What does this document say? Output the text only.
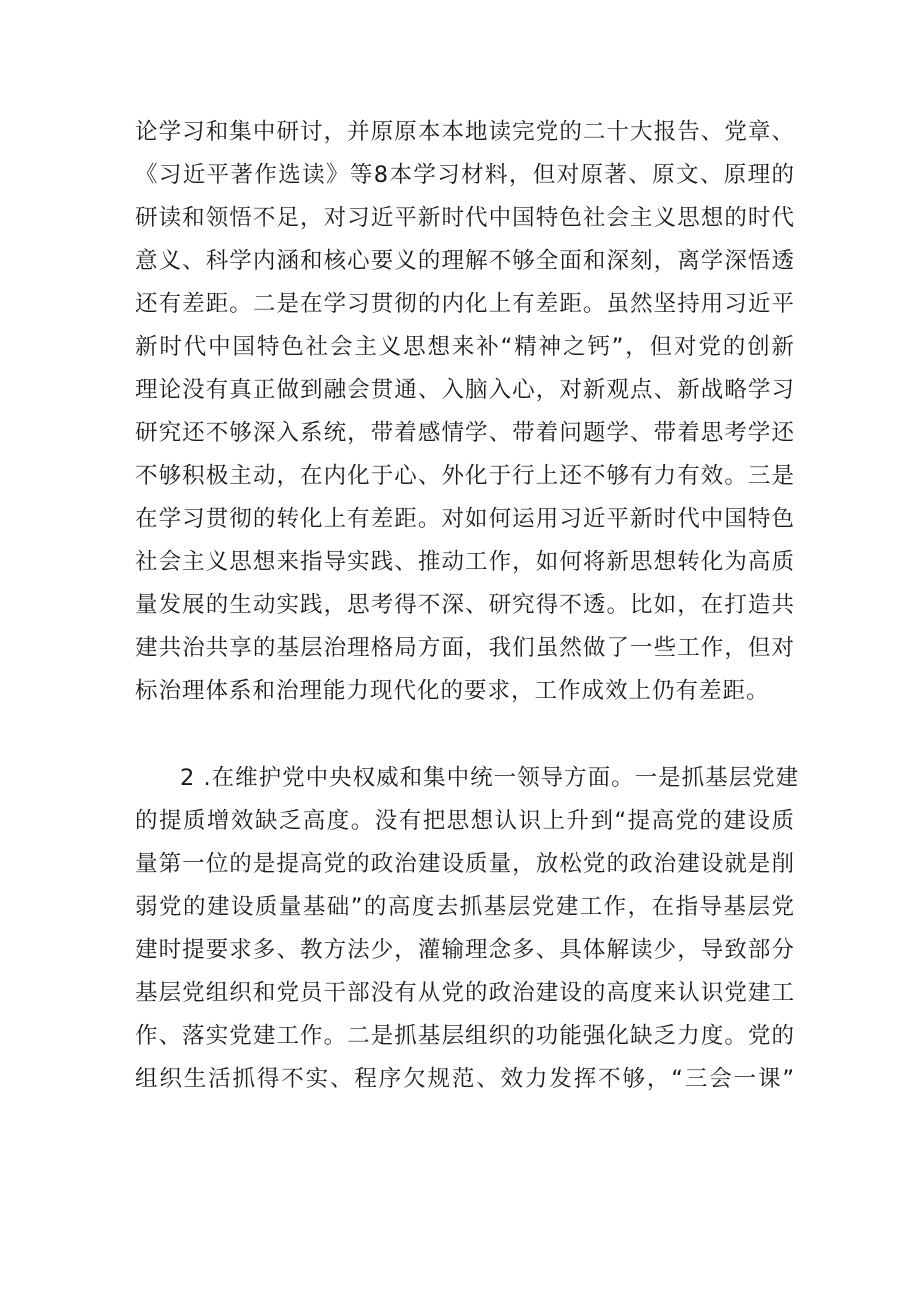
论学习和集中研讨，并原原本本地读完党的二十大报告、党章、
《习近平著作选读》等8本学习材料，但对原著、原文、原理的
研读和领悟不足，对习近平新时代中国特色社会主义思想的时代
意义、科学内涵和核心要义的理解不够全面和深刻，离学深悟透
还有差距。二是在学习贯彻的内化上有差距。虽然坚持用习近平
新时代中国特色社会主义思想来补“精神之钙”，但对党的创新
理论没有真正做到融会贯通、入脑入心，对新观点、新战略学习
研究还不够深入系统，带着感情学、带着问题学、带着思考学还
不够积极主动，在内化于心、外化于行上还不够有力有效。三是
在学习贯彻的转化上有差距。对如何运用习近平新时代中国特色
社会主义思想来指导实践、推动工作，如何将新思想转化为高质
量发展的生动实践，思考得不深、研究得不透。比如，在打造共
建共治共享的基层治理格局方面，我们虽然做了一些工作，但对
标治理体系和治理能力现代化的要求，工作成效上仍有差距。
2 .在维护党中央权威和集中统一领导方面。一是抓基层党建
的提质增效缺乏高度。没有把思想认识上升到“提高党的建设质
量第一位的是提高党的政治建设质量，放松党的政治建设就是削
弱党的建设质量基础”的高度去抓基层党建工作，在指导基层党
建时提要求多、教方法少，灌输理念多、具体解读少，导致部分
基层党组织和党员干部没有从党的政治建设的高度来认识党建工
作、落实党建工作。二是抓基层组织的功能强化缺乏力度。党的
组织生活抓得不实、程序欠规范、效力发挥不够，“三会一课”
